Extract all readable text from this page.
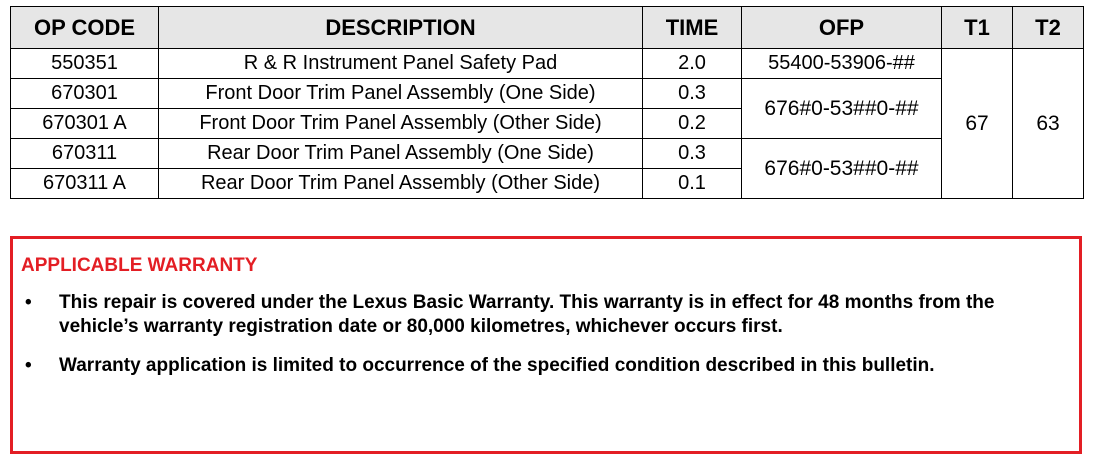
OP CODE	DESCRIPTION	TIME	OFP	T1	T2
550351	R & R Instrument Panel Safety Pad	2.0	55400-53906-##	67	63
670301	Front Door Trim Panel Assembly (One Side)	0.3	676#0-53##0-##		
670301 A	Front Door Trim Panel Assembly (Other Side)	0.2			
670311	Rear Door Trim Panel Assembly (One Side)	0.3	676#0-53##0-##		
670311 A	Rear Door Trim Panel Assembly (Other Side)	0.1			
APPLICABLE WARRANTY
• This repair is covered under the Lexus Basic Warranty. This warranty is in effect for 48 months from the vehicle’s warranty registration date or 80,000 kilometres, whichever occurs first.
• Warranty application is limited to occurrence of the specified condition described in this bulletin.
